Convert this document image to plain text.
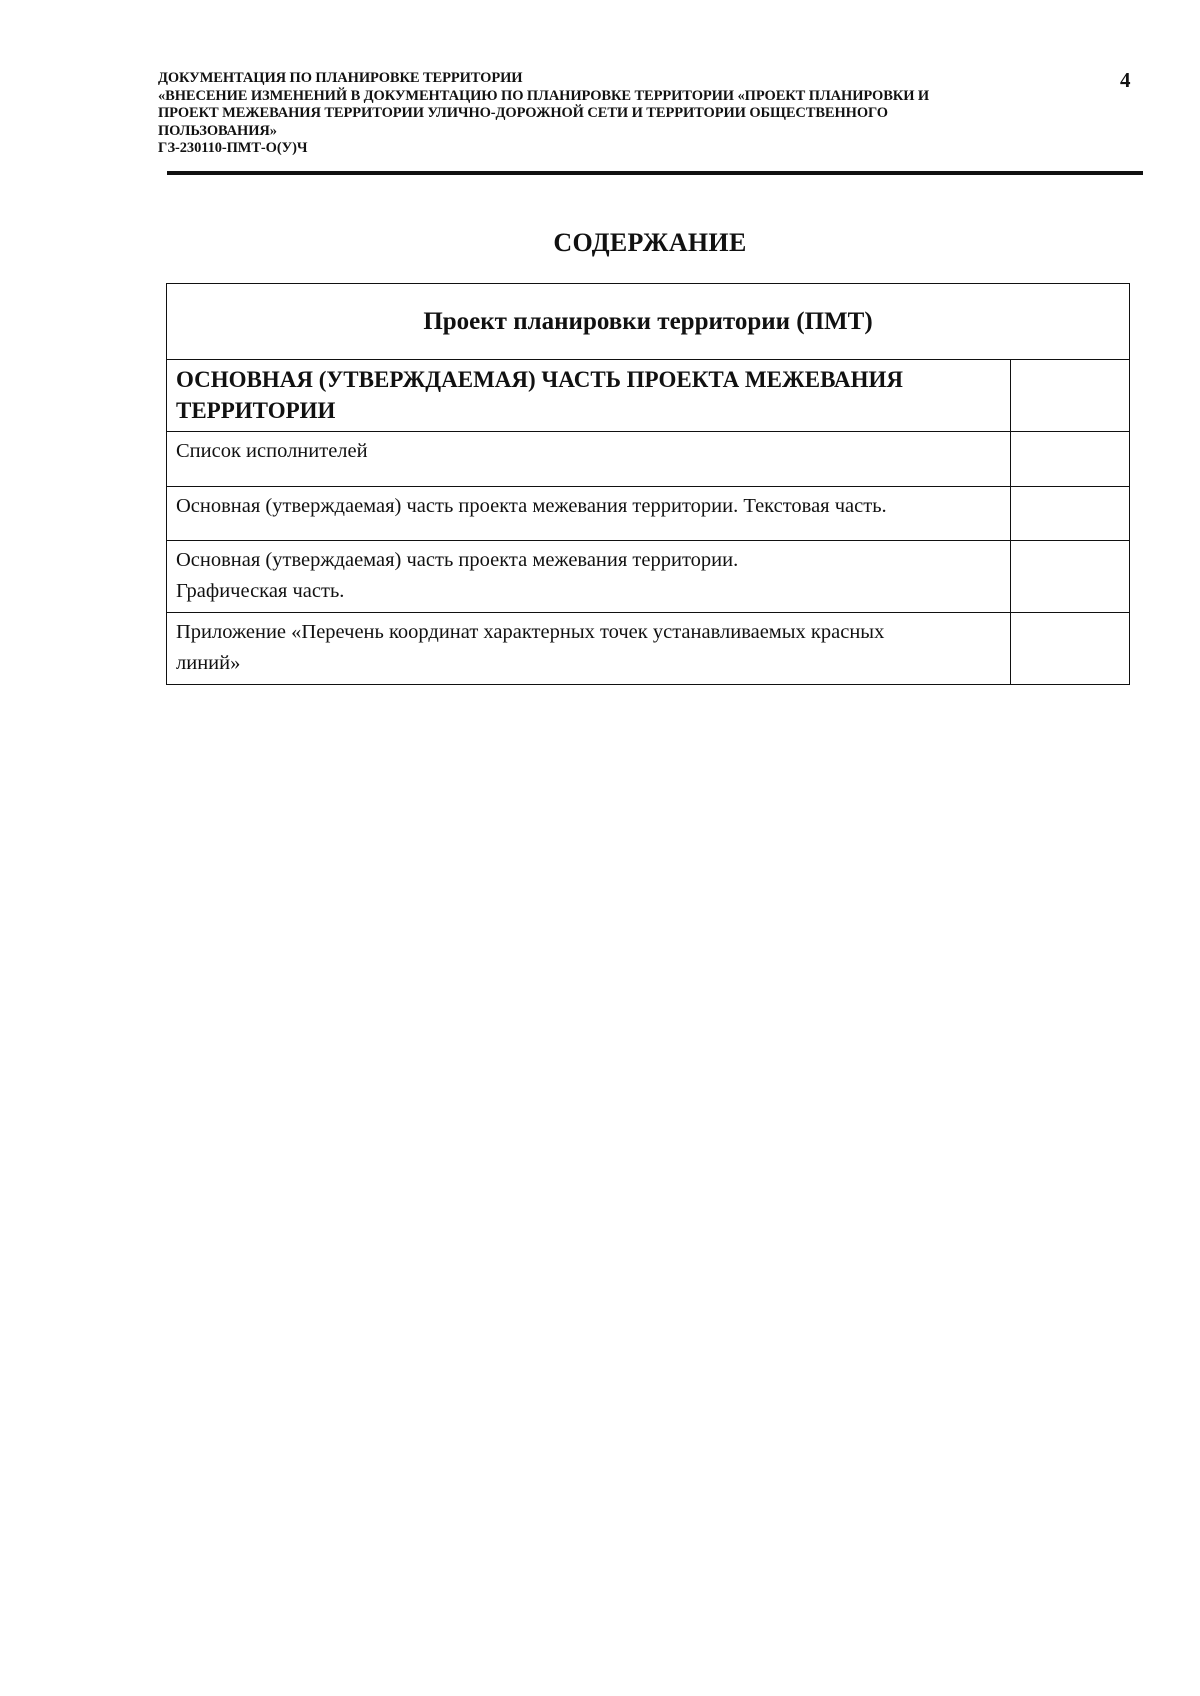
ДОКУМЕНТАЦИЯ ПО ПЛАНИРОВКЕ ТЕРРИТОРИИ
«ВНЕСЕНИЕ ИЗМЕНЕНИЙ В ДОКУМЕНТАЦИЮ ПО ПЛАНИРОВКЕ ТЕРРИТОРИИ «ПРОЕКТ ПЛАНИРОВКИ И
ПРОЕКТ МЕЖЕВАНИЯ ТЕРРИТОРИИ УЛИЧНО-ДОРОЖНОЙ СЕТИ И ТЕРРИТОРИИ ОБЩЕСТВЕННОГО
ПОЛЬЗОВАНИЯ»
ГЗ-230110-ПМТ-О(У)Ч
4
СОДЕРЖАНИЕ
Проект планировки территории (ПМТ)	

ОСНОВНАЯ (УТВЕРЖДАЕМАЯ) ЧАСТЬ ПРОЕКТА МЕЖЕВАНИЯ
ТЕРРИТОРИИ	

Список исполнителей	

Основная (утверждаемая) часть проекта межевания территории. Текстовая часть.	

Основная (утверждаемая) часть проекта межевания территории.
Графическая часть.	

Приложение «Перечень координат характерных точек устанавливаемых красных
линий»	
